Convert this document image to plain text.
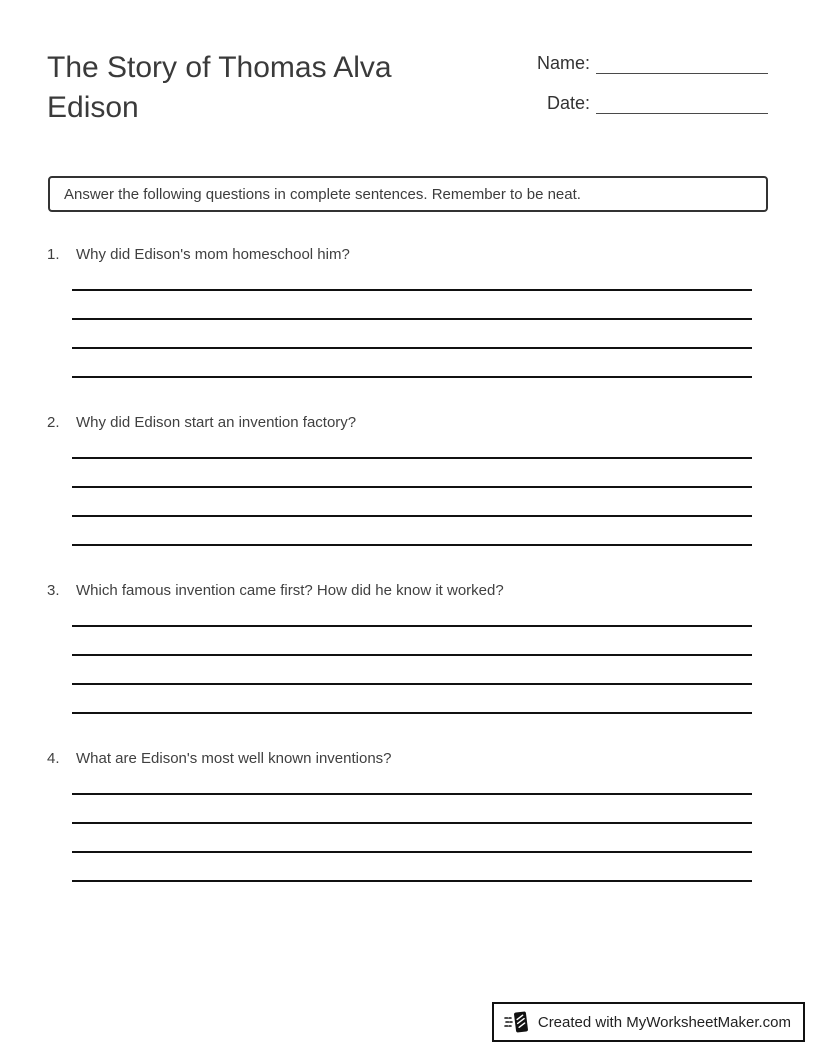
The Story of Thomas Alva Edison
Name:
Date:
Answer the following questions in complete sentences. Remember to be neat.
1.	Why did Edison's mom homeschool him?
2.	Why did Edison start an invention factory?
3.	Which famous invention came first? How did he know it worked?
4.	What are Edison's most well known inventions?
Created with MyWorksheetMaker.com
